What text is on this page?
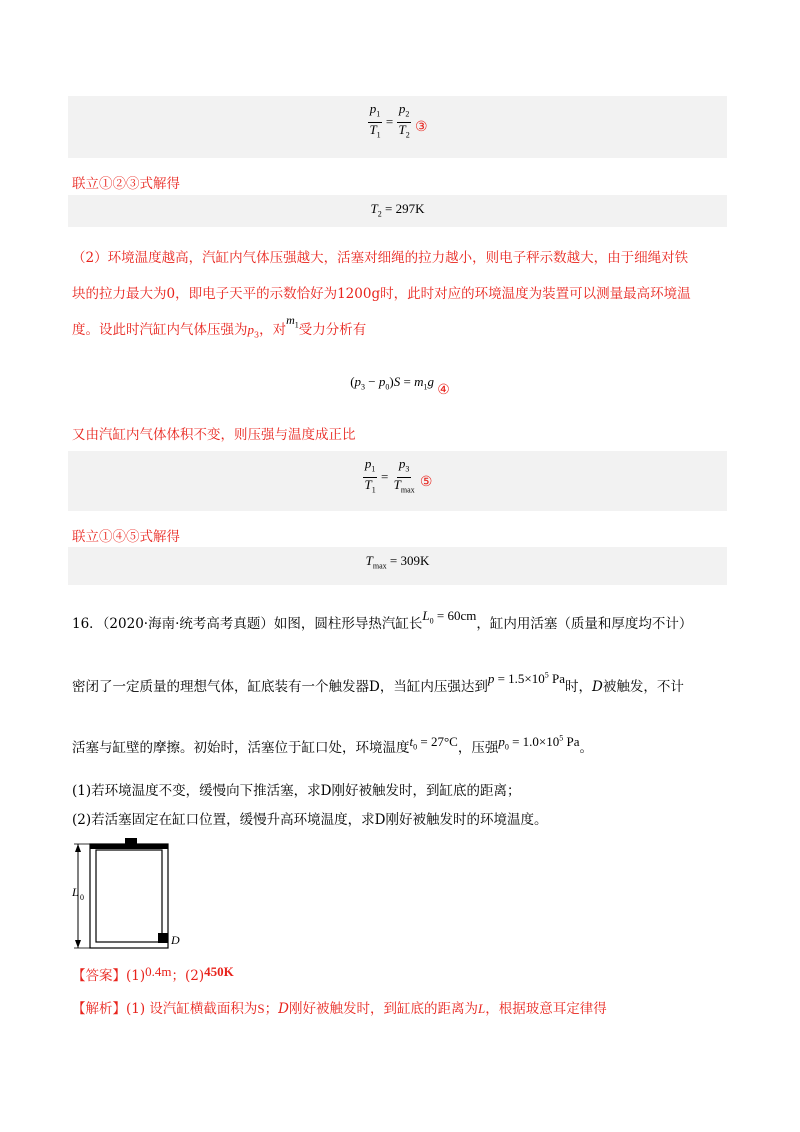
$\frac{p_1}{T_1} = \frac{p_2}{T_2}$ ③
联立①②③式解得
$T_2 = 297K$
（2）环境温度越高，汽缸内气体压强越大，活塞对细绳的拉力越小，则电子秤示数越大，由于细绳对铁
块的拉力最大为0，即电子天平的示数恰好为1200g时，此时对应的环境温度为装置可以测量最高环境温
度。设此时汽缸内气体压强为$p_3$，对$m_1$受力分析有
$(p_3 - p_0)S = m_1g$ ④
又由汽缸内气体体积不变，则压强与温度成正比
$\frac{p_1}{T_1} = \frac{p_3}{T_{max}}$ ⑤
联立①④⑤式解得
$T_{max} = 309K$
16．（2020·海南·统考高考真题）如图，圆柱形导热汽缸长$L_0 = 60cm$，缸内用活塞（质量和厚度均不计）
密闭了一定质量的理想气体，缸底装有一个触发器D，当缸内压强达到$p = 1.5\times 10^5$ Pa时，D被触发，不计
活塞与缸壁的摩擦。初始时，活塞位于缸口处，环境温度$t_0 = 27^\circ C$，压强$p_0 = 1.0\times 10^5$ Pa。
(1)若环境温度不变，缓慢向下推活塞，求D刚好被触发时，到缸底的距离；
(2)若活塞固定在缸口位置，缓慢升高环境温度，求D刚好被触发时的环境温度。
L 0
D
【答案】(1)0.4m；(2)450K
【解析】(1) 设汽缸横截面积为S；D刚好被触发时，到缸底的距离为L，根据玻意耳定律得
